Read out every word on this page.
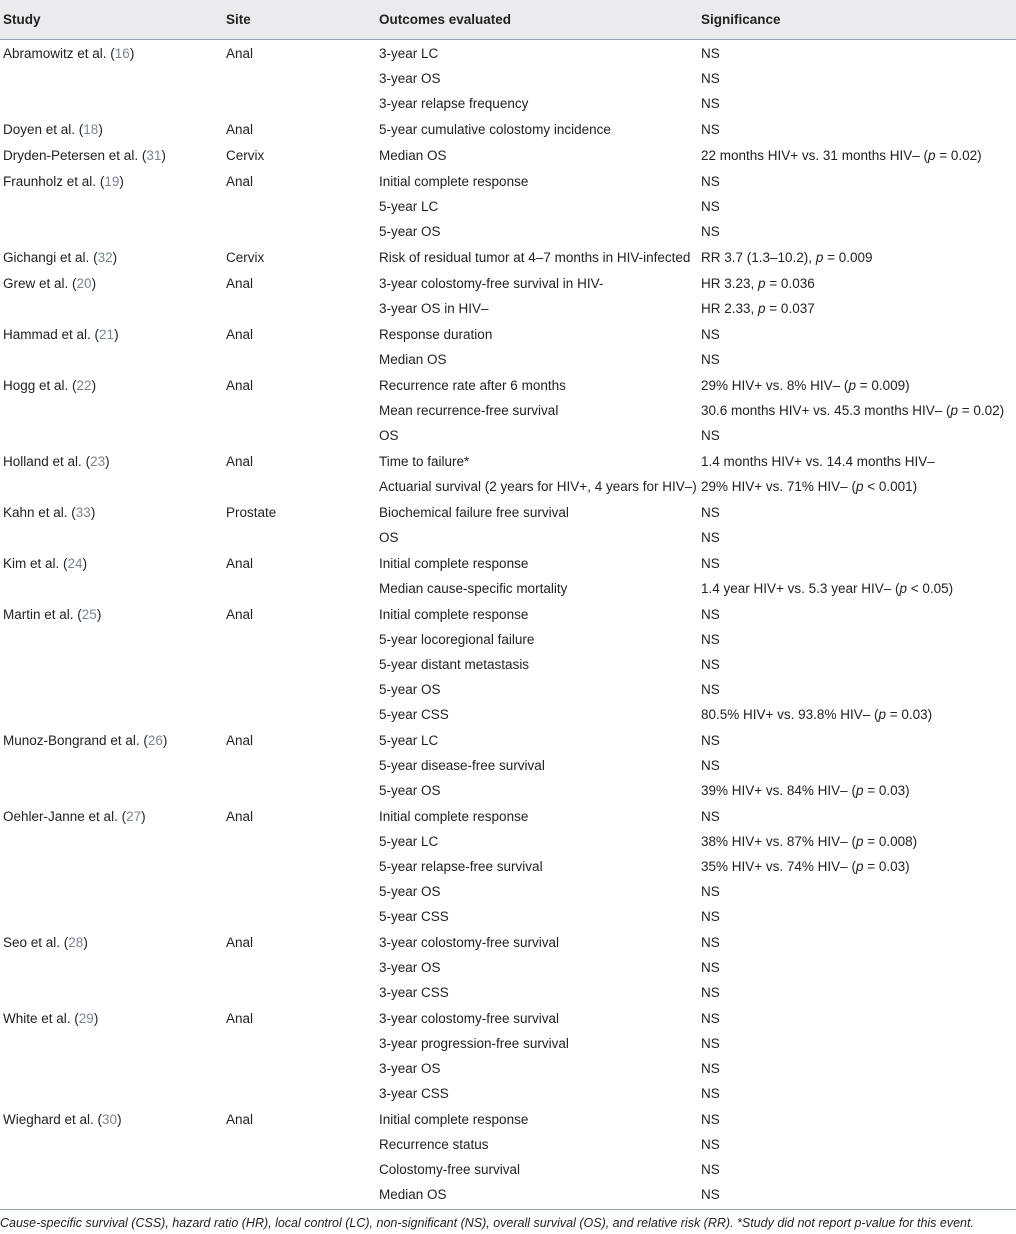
Study	Site	Outcomes evaluated	Significance
Abramowitz et al. (16)	Anal	3-year LC	NS
		3-year OS	NS
		3-year relapse frequency	NS
Doyen et al. (18)	Anal	5-year cumulative colostomy incidence	NS
Dryden-Petersen et al. (31)	Cervix	Median OS	22 months HIV+ vs. 31 months HIV– (p = 0.02)
Fraunholz et al. (19)	Anal	Initial complete response	NS
		5-year LC	NS
		5-year OS	NS
Gichangi et al. (32)	Cervix	Risk of residual tumor at 4–7 months in HIV-infected	RR 3.7 (1.3–10.2), p = 0.009
Grew et al. (20)	Anal	3-year colostomy-free survival in HIV-	HR 3.23, p = 0.036
		3-year OS in HIV–	HR 2.33, p = 0.037
Hammad et al. (21)	Anal	Response duration	NS
		Median OS	NS
Hogg et al. (22)	Anal	Recurrence rate after 6 months	29% HIV+ vs. 8% HIV– (p = 0.009)
		Mean recurrence-free survival	30.6 months HIV+ vs. 45.3 months HIV– (p = 0.02)
		OS	NS
Holland et al. (23)	Anal	Time to failure*	1.4 months HIV+ vs. 14.4 months HIV–
		Actuarial survival (2 years for HIV+, 4 years for HIV–)	29% HIV+ vs. 71% HIV– (p < 0.001)
Kahn et al. (33)	Prostate	Biochemical failure free survival	NS
		OS	NS
Kim et al. (24)	Anal	Initial complete response	NS
		Median cause-specific mortality	1.4 year HIV+ vs. 5.3 year HIV– (p < 0.05)
Martin et al. (25)	Anal	Initial complete response	NS
		5-year locoregional failure	NS
		5-year distant metastasis	NS
		5-year OS	NS
		5-year CSS	80.5% HIV+ vs. 93.8% HIV– (p = 0.03)
Munoz-Bongrand et al. (26)	Anal	5-year LC	NS
		5-year disease-free survival	NS
		5-year OS	39% HIV+ vs. 84% HIV– (p = 0.03)
Oehler-Janne et al. (27)	Anal	Initial complete response	NS
		5-year LC	38% HIV+ vs. 87% HIV– (p = 0.008)
		5-year relapse-free survival	35% HIV+ vs. 74% HIV– (p = 0.03)
		5-year OS	NS
		5-year CSS	NS
Seo et al. (28)	Anal	3-year colostomy-free survival	NS
		3-year OS	NS
		3-year CSS	NS
White et al. (29)	Anal	3-year colostomy-free survival	NS
		3-year progression-free survival	NS
		3-year OS	NS
		3-year CSS	NS
Wieghard et al. (30)	Anal	Initial complete response	NS
		Recurrence status	NS
		Colostomy-free survival	NS
		Median OS	NS
Cause-specific survival (CSS), hazard ratio (HR), local control (LC), non-significant (NS), overall survival (OS), and relative risk (RR). *Study did not report p-value for this event.
